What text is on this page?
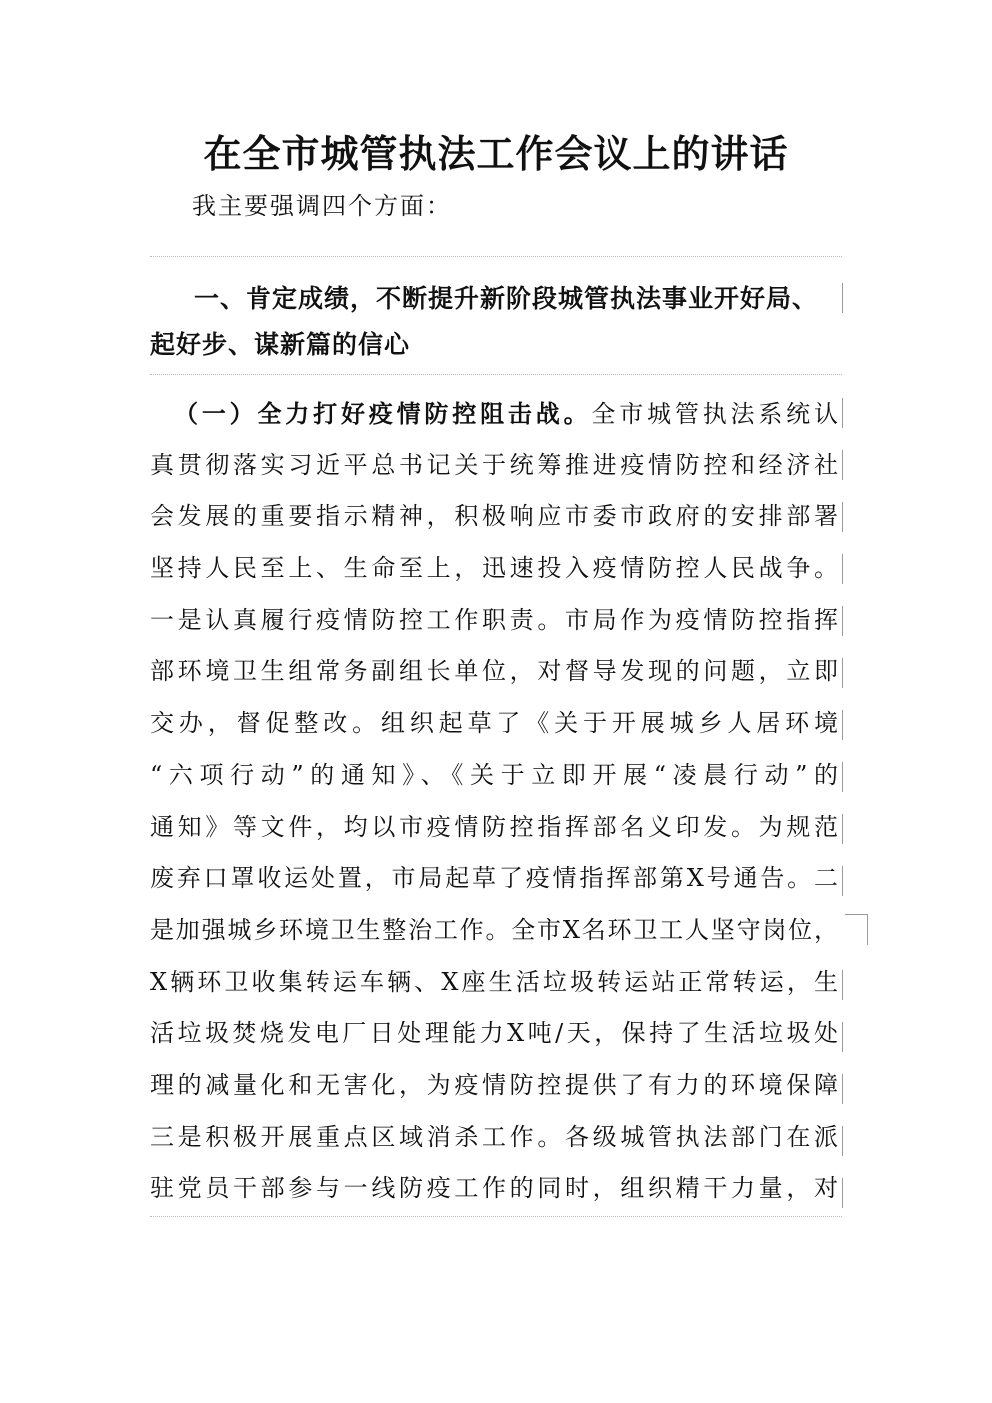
在全市城管执法工作会议上的讲话

我主要强调四个方面：

一、肯定成绩，不断提升新阶段城管执法事业开好局、
起好步、谋新篇的信心
（一）全力打好疫情防控阻击战。全市城管执法系统认
真贯彻落实习近平总书记关于统筹推进疫情防控和经济社
会发展的重要指示精神，积极响应市委市政府的安排部署
坚持人民至上、生命至上，迅速投入疫情防控人民战争。
一是认真履行疫情防控工作职责。市局作为疫情防控指挥
部环境卫生组常务副组长单位，对督导发现的问题，立即
交办，督促整改。组织起草了《关于开展城乡人居环境
“六项行动”的通知》、《关于立即开展“凌晨行动”的
通知》等文件，均以市疫情防控指挥部名义印发。为规范
废弃口罩收运处置，市局起草了疫情指挥部第X号通告。二
是加强城乡环境卫生整治工作。全市X名环卫工人坚守岗位，
X辆环卫收集转运车辆、X座生活垃圾转运站正常转运，生
活垃圾焚烧发电厂日处理能力X吨/天，保持了生活垃圾处
理的减量化和无害化，为疫情防控提供了有力的环境保障
三是积极开展重点区域消杀工作。各级城管执法部门在派
驻党员干部参与一线防疫工作的同时，组织精干力量，对
